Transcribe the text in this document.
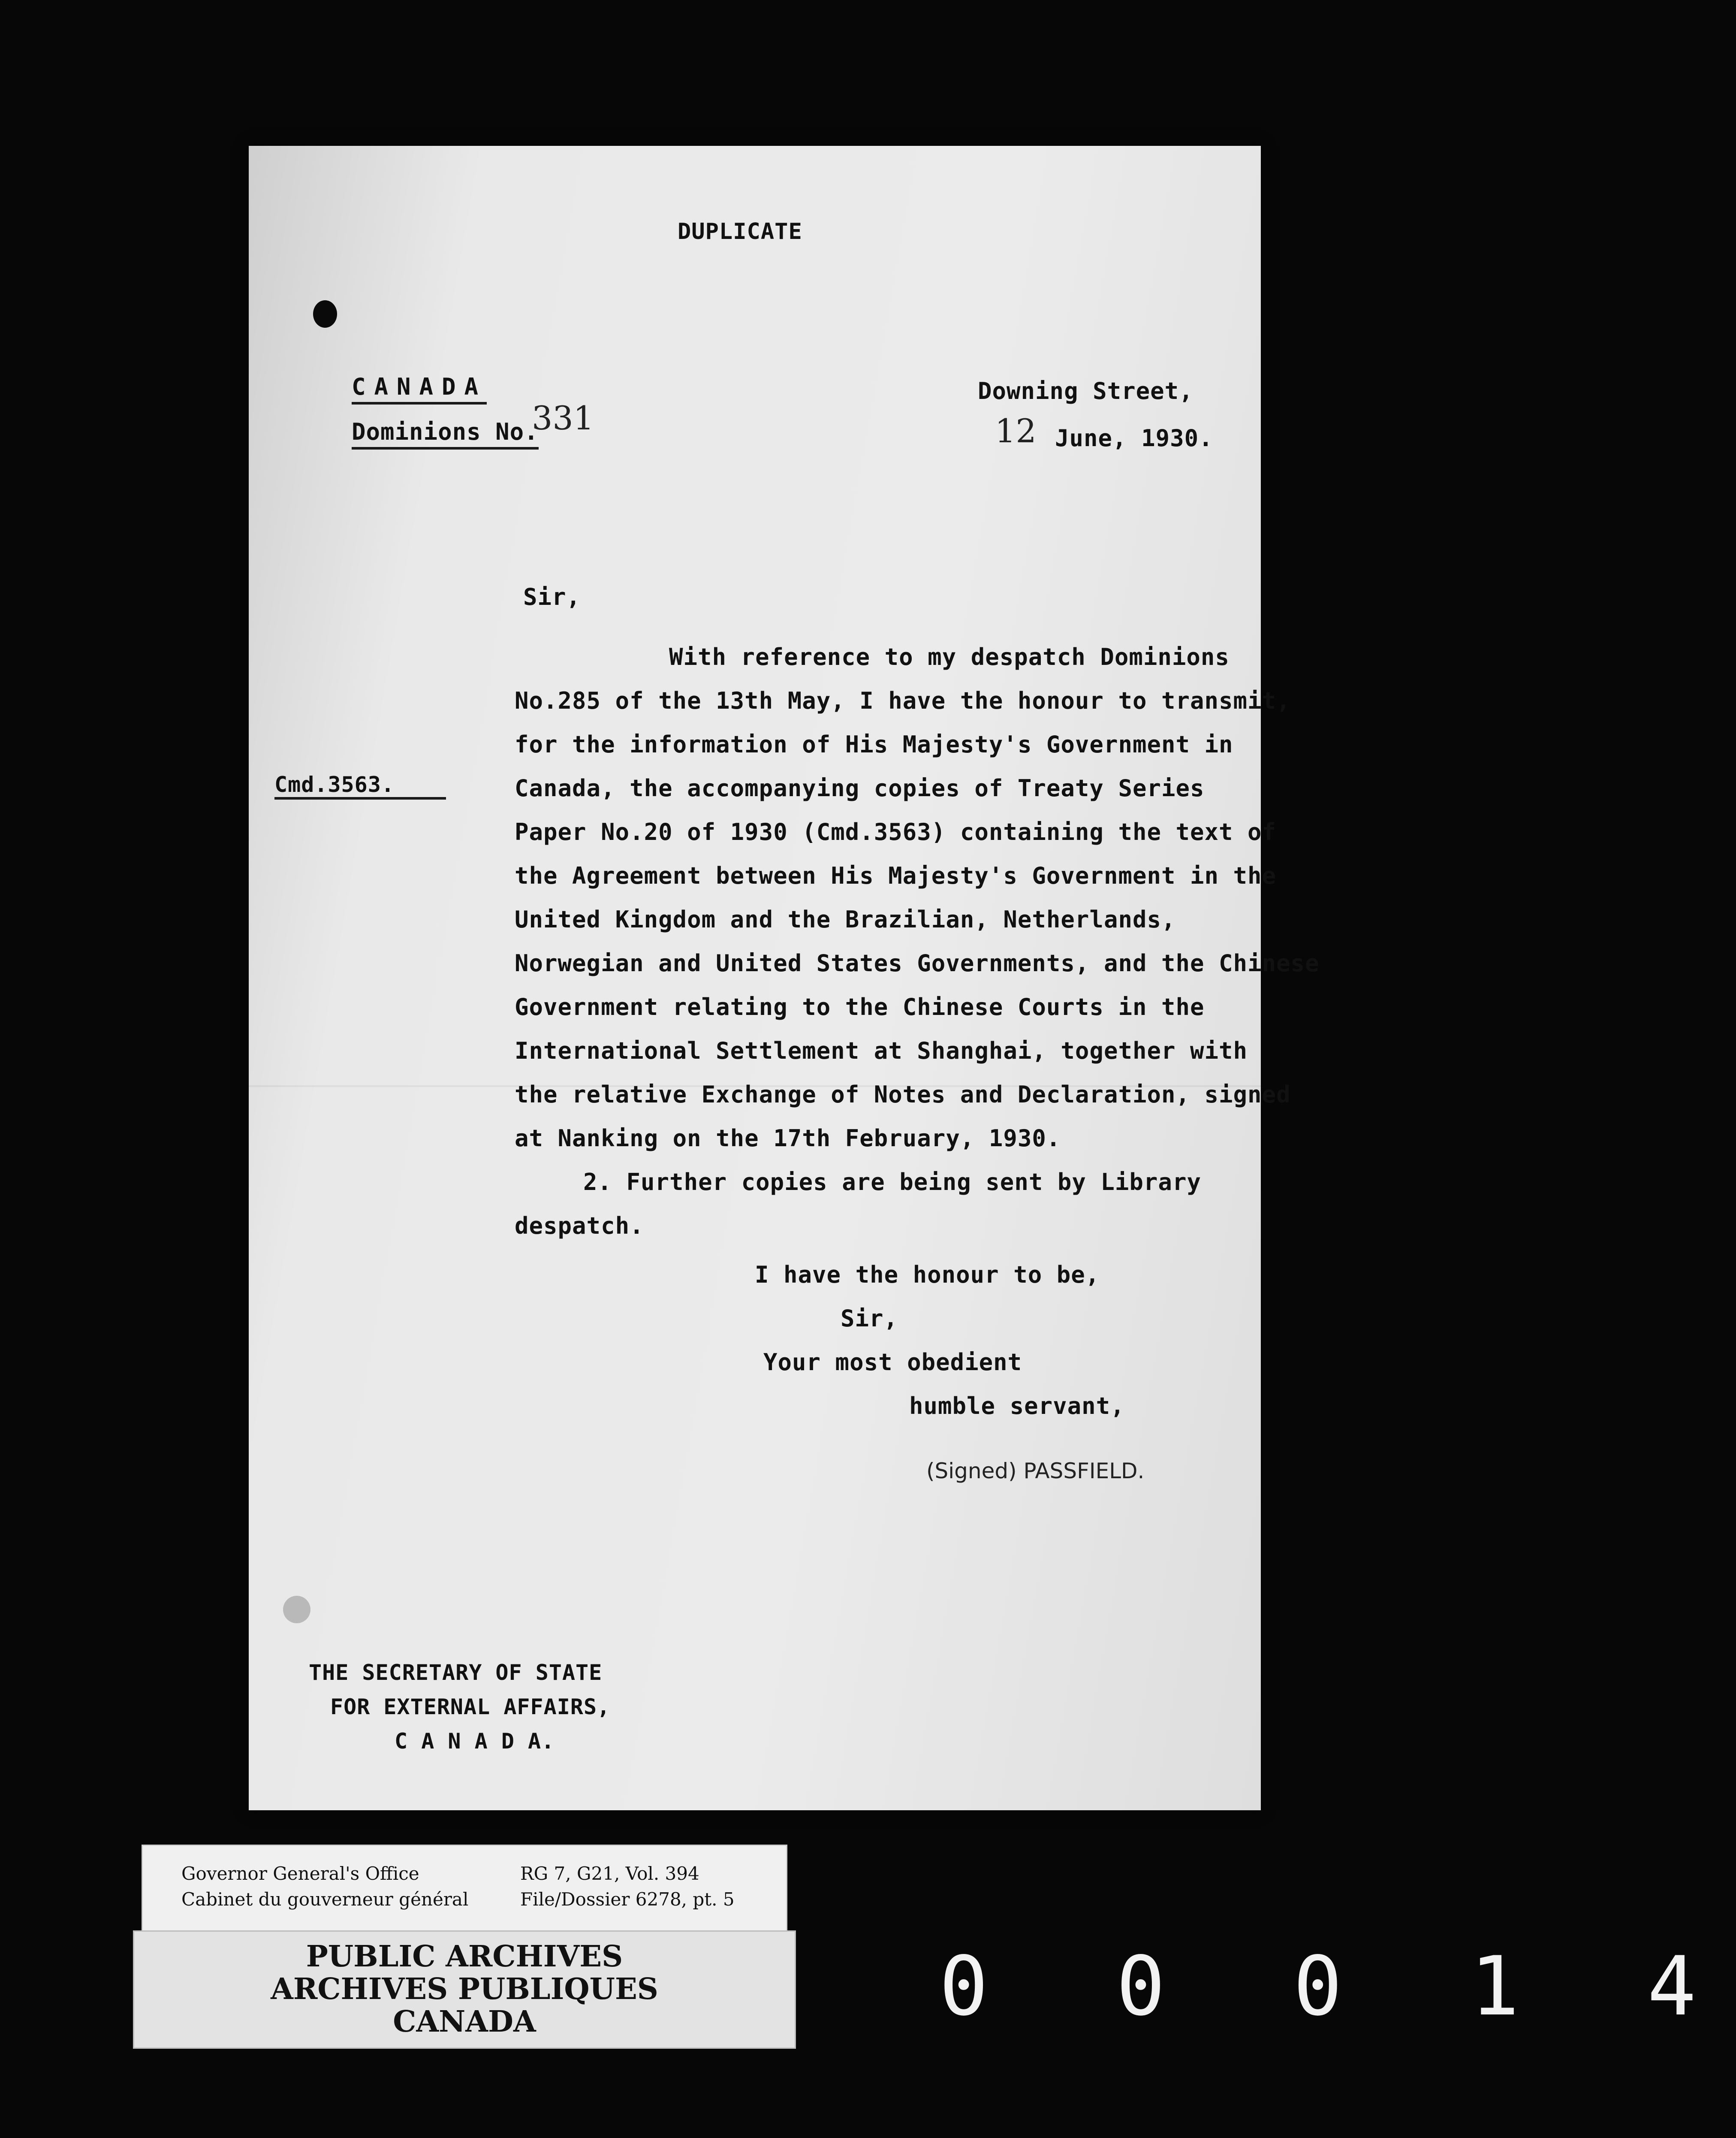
DUPLICATE
CANADA
Dominions No.
331
Downing Street,
12 June, 1930.
Sir,
Cmd.3563.
With reference to my despatch Dominions
No.285 of the 13th May, I have the honour to transmit,
for the information of His Majesty's Government in
Canada, the accompanying copies of Treaty Series
Paper No.20 of 1930 (Cmd.3563) containing the text of
the Agreement between His Majesty's Government in the
United Kingdom and the Brazilian, Netherlands,
Norwegian and United States Governments, and the Chinese
Government relating to the Chinese Courts in the
International Settlement at Shanghai, together with
the relative Exchange of Notes and Declaration, signed
at Nanking on the 17th February, 1930.
2. Further copies are being sent by Library
despatch.
I have the honour to be,
Sir,
Your most obedient
humble servant,
(Signed) PASSFIELD.
THE SECRETARY OF STATE
FOR EXTERNAL AFFAIRS,
C A N A D A.
Governor General's Office
Cabinet du gouverneur général
RG 7, G21, Vol. 394
File/Dossier 6278, pt. 5
PUBLIC ARCHIVES
ARCHIVES PUBLIQUES
CANADA	0 0 0 1 4
